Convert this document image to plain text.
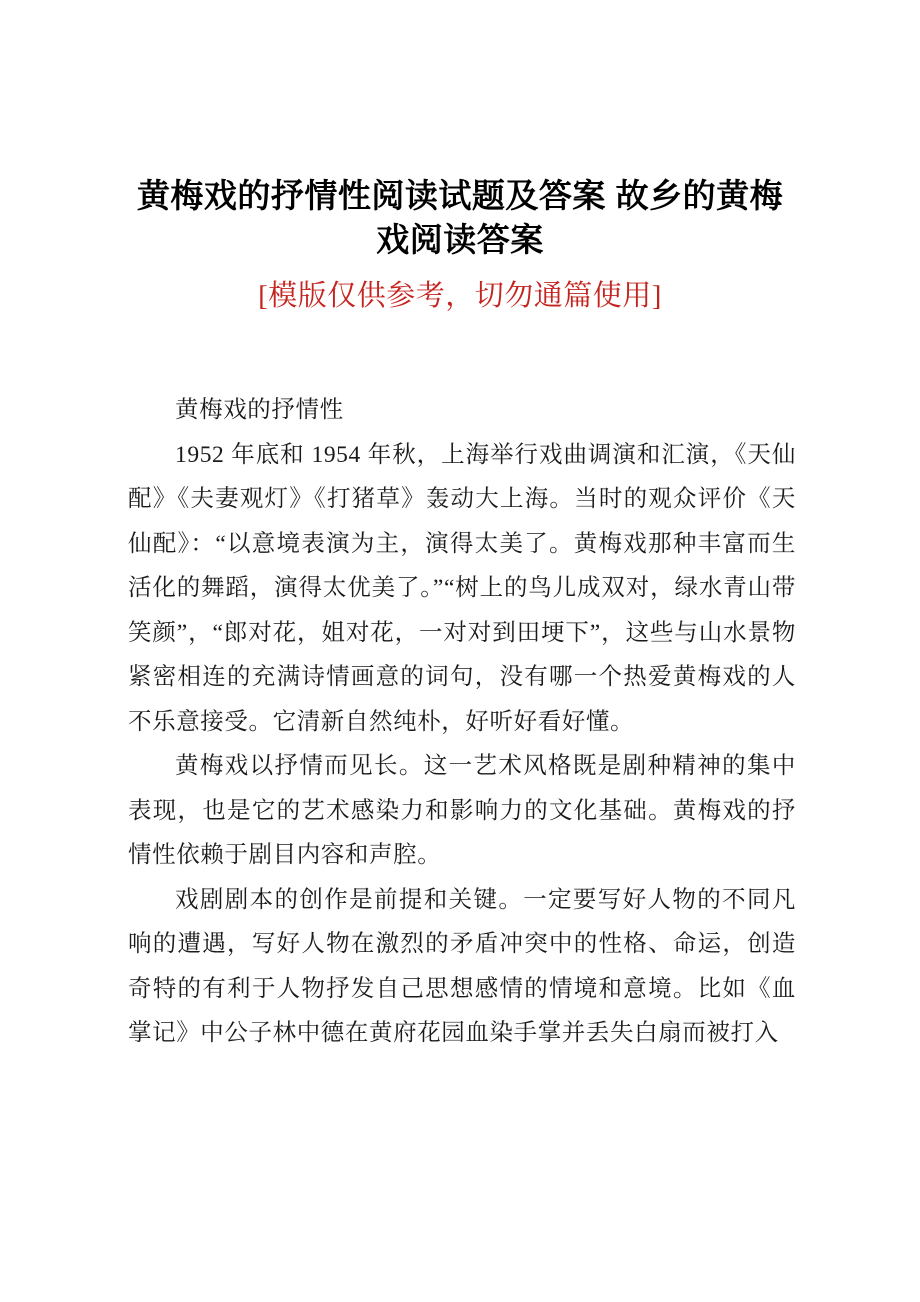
黄梅戏的抒情性阅读试题及答案 故乡的黄梅
戏阅读答案
[模版仅供参考，切勿通篇使用]

黄梅戏的抒情性

1952 年底和 1954 年秋，上海举行戏曲调演和汇演，《天仙配》《夫妻观灯》《打猪草》轰动大上海。当时的观众评价《天仙配》：“以意境表演为主，演得太美了。黄梅戏那种丰富而生活化的舞蹈，演得太优美了。”“树上的鸟儿成双对，绿水青山带笑颜”，“郎对花，姐对花，一对对到田埂下”，这些与山水景物紧密相连的充满诗情画意的词句，没有哪一个热爱黄梅戏的人不乐意接受。它清新自然纯朴，好听好看好懂。

黄梅戏以抒情而见长。这一艺术风格既是剧种精神的集中表现，也是它的艺术感染力和影响力的文化基础。黄梅戏的抒情性依赖于剧目内容和声腔。

戏剧剧本的创作是前提和关键。一定要写好人物的不同凡响的遭遇，写好人物在激烈的矛盾冲突中的性格、命运，创造奇特的有利于人物抒发自己思想感情的情境和意境。比如《血掌记》中公子林中德在黄府花园血染手掌并丢失白扇而被打入
